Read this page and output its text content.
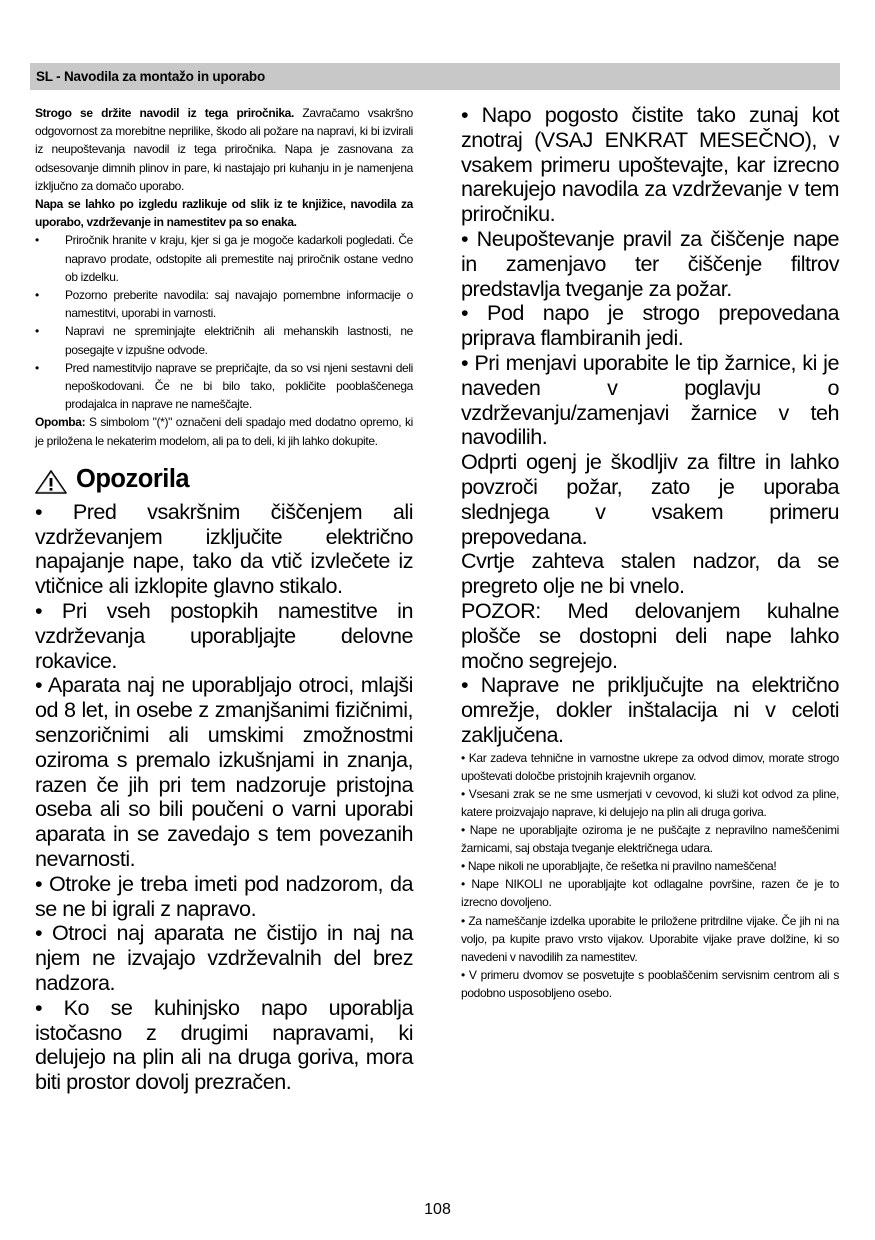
SL - Navodila za montažo in uporabo

Strogo se držite navodil iz tega priročnika. Zavračamo vsakršno odgovornost za morebitne neprilike, škodo ali požare na napravi, ki bi izvirali iz neupoštevanja navodil iz tega priročnika. Napa je zasnovana za odsesovanje dimnih plinov in pare, ki nastajajo pri kuhanju in je namenjena izključno za domačo uporabo.

Napa se lahko po izgledu razlikuje od slik iz te knjižice, navodila za uporabo, vzdrževanje in namestitev pa so enaka.

• Priročnik hranite v kraju, kjer si ga je mogoče kadarkoli pogledati. Če napravo prodate, odstopite ali premestite naj priročnik ostane vedno ob izdelku.
• Pozorno preberite navodila: saj navajajo pomembne informacije o namestitvi, uporabi in varnosti.
• Napravi ne spreminjajte električnih ali mehanskih lastnosti, ne posegajte v izpušne odvode.
• Pred namestitvijo naprave se prepričajte, da so vsi njeni sestavni deli nepoškodovani. Če ne bi bilo tako, pokličite pooblaščenega prodajalca in naprave ne nameščajte.

Opomba: S simbolom "(*)" označeni deli spadajo med dodatno opremo, ki je priložena le nekaterim modelom, ali pa to deli, ki jih lahko dokupite.

Opozorila

• Pred vsakršnim čiščenjem ali vzdrževanjem izključite električno napajanje nape, tako da vtič izvlečete iz vtičnice ali izklopite glavno stikalo.

• Pri vseh postopkih namestitve in vzdrževanja uporabljajte delovne rokavice.

• Aparata naj ne uporabljajo otroci, mlajši od 8 let, in osebe z zmanjšanimi fizičnimi, senzoričnimi ali umskimi zmožnostmi oziroma s premalo izkušnjami in znanja, razen če jih pri tem nadzoruje pristojna oseba ali so bili poučeni o varni uporabi aparata in se zavedajo s tem povezanih nevarnosti.

• Otroke je treba imeti pod nadzorom, da se ne bi igrali z napravo.

• Otroci naj aparata ne čistijo in naj na njem ne izvajajo vzdrževalnih del brez nadzora.

• Ko se kuhinjsko napo uporablja istočasno z drugimi napravami, ki delujejo na plin ali na druga goriva, mora biti prostor dovolj prezračen.

• Napo pogosto čistite tako zunaj kot znotraj (VSAJ ENKRAT MESEČNO), v vsakem primeru upoštevajte, kar izrecno narekujejo navodila za vzdrževanje v tem priročniku.

• Neupoštevanje pravil za čiščenje nape in zamenjavo ter čiščenje filtrov predstavlja tveganje za požar.

• Pod napo je strogo prepovedana priprava flambiranih jedi.

• Pri menjavi uporabite le tip žarnice, ki je naveden v poglavju o vzdrževanju/zamenjavi žarnice v teh navodilih.

Odprti ogenj je škodljiv za filtre in lahko povzroči požar, zato je uporaba slednjega v vsakem primeru prepovedana.

Cvrtje zahteva stalen nadzor, da se pregreto olje ne bi vnelo.

POZOR: Med delovanjem kuhalne plošče se dostopni deli nape lahko močno segrejejo.

• Naprave ne priključujte na električno omrežje, dokler inštalacija ni v celoti zaključena.

• Kar zadeva tehnične in varnostne ukrepe za odvod dimov, morate strogo upoštevati določbe pristojnih krajevnih organov.

• Vsesani zrak se ne sme usmerjati v cevovod, ki služi kot odvod za pline, katere proizvajajo naprave, ki delujejo na plin ali druga goriva.

• Nape ne uporabljajte oziroma je ne puščajte z nepravilno nameščenimi žarnicami, saj obstaja tveganje električnega udara.

• Nape nikoli ne uporabljajte, če rešetka ni pravilno nameščena!

• Nape NIKOLI ne uporabljajte kot odlagalne površine, razen če je to izrecno dovoljeno.

• Za nameščanje izdelka uporabite le priložene pritrdilne vijake. Če jih ni na voljo, pa kupite pravo vrsto vijakov. Uporabite vijake prave dolžine, ki so navedeni v navodilih za namestitev.

• V primeru dvomov se posvetujte s pooblaščenim servisnim centrom ali s podobno usposobljeno osebo.

108
